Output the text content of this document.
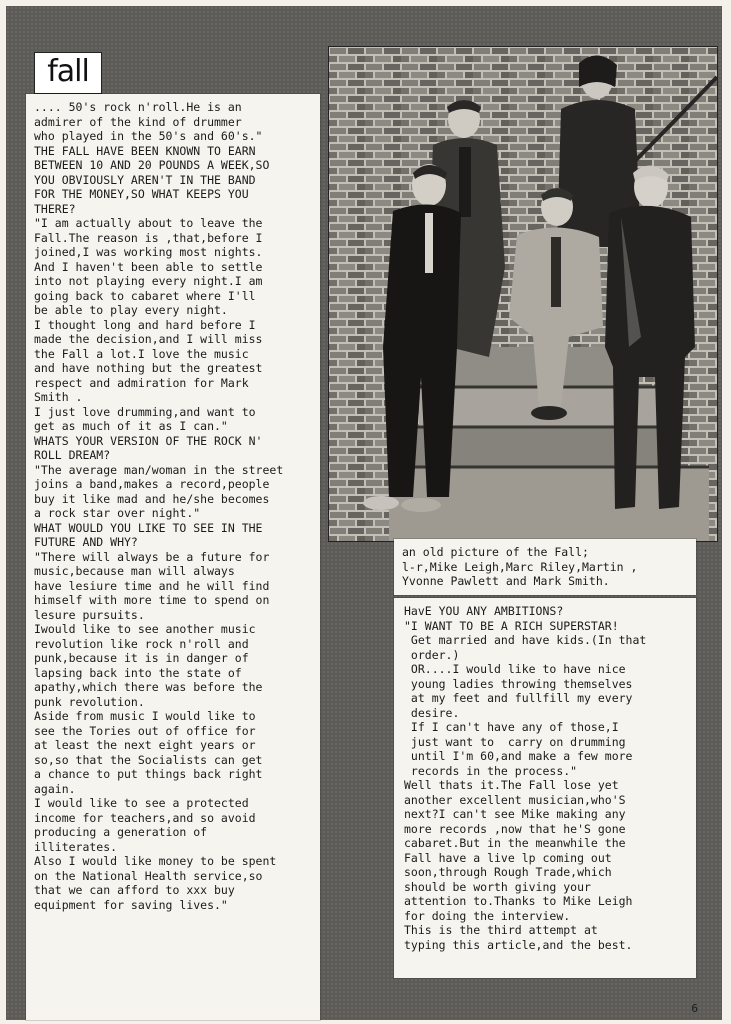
fall
.... 50's rock n'roll.He is an
admirer of the kind of drummer
who played in the 50's and 60's."
THE FALL HAVE BEEN KNOWN TO EARN
BETWEEN 10 AND 20 POUNDS A WEEK,SO
YOU OBVIOUSLY AREN'T IN THE BAND
FOR THE MONEY,SO WHAT KEEPS YOU
THERE?
"I am actually about to leave the
Fall.The reason is ,that,before I
joined,I was working most nights.
And I haven't been able to settle
into not playing every night.I am
going back to cabaret where I'll
be able to play every night.
I thought long and hard before I
made the decision,and I will miss
the Fall a lot.I love the music
and have nothing but the greatest
respect and admiration for Mark
Smith .
I just love drumming,and want to
get as much of it as I can."
WHATS YOUR VERSION OF THE ROCK N'
ROLL DREAM?
"The average man/woman in the street
joins a band,makes a record,people
buy it like mad and he/she becomes
a rock star over night."
WHAT WOULD YOU LIKE TO SEE IN THE
FUTURE AND WHY?
"There will always be a future for
music,because man will always
have lesiure time and he will find
himself with more time to spend on
lesure pursuits.
Iwould like to see another music
revolution like rock n'roll and
punk,because it is in danger of
lapsing back into the state of
apathy,which there was before the
punk revolution.
Aside from music I would like to
see the Tories out of office for
at least the next eight years or
so,so that the Socialists can get
a chance to put things back right
again.
I would like to see a protected
income for teachers,and so avoid
producing a generation of
illiterates.
Also I would like money to be spent
on the National Health service,so
that we can afford to xxx buy
equipment for saving lives."
an old picture of the Fall;
l-r,Mike Leigh,Marc Riley,Martin ,
Yvonne Pawlett and Mark Smith.
HavE YOU ANY AMBITIONS?
"I WANT TO BE A RICH SUPERSTAR!
Get married and have kids.(In that
order.)
OR....I would like to have nice
young ladies throwing themselves
at my feet and fullfill my every
desire.
If I can't have any of those,I
just want to  carry on drumming
until I'm 60,and make a few more
records in the process."
Well thats it.The Fall lose yet
another excellent musician,who'S
next?I can't see Mike making any
more records ,now that he'S gone
cabaret.But in the meanwhile the
Fall have a live lp coming out
soon,through Rough Trade,which
should be worth giving your
attention to.Thanks to Mike Leigh
for doing the interview.
This is the third attempt at
typing this article,and the best.
6
